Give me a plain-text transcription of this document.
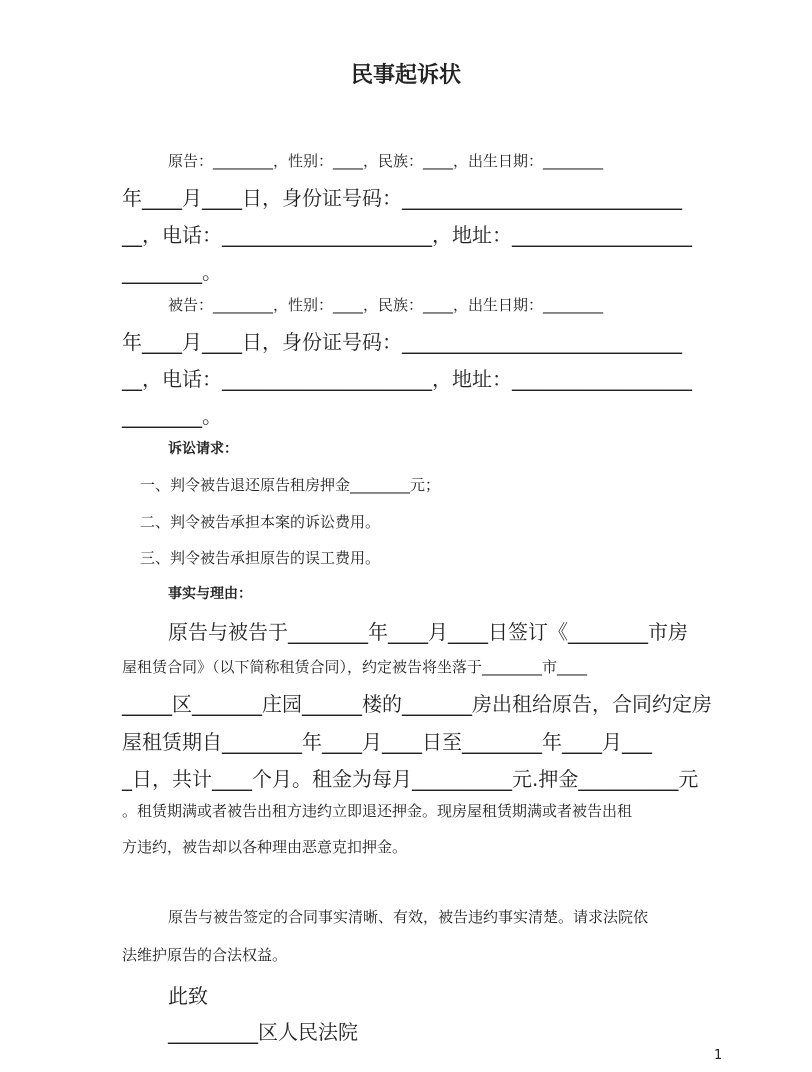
民事起诉状
原告：________，性别：____，民族：____，出生日期：________
年____月____日，身份证号码：____________________________
__，电话：_____________________，地址：__________________
________。
被告：________，性别：____，民族：____，出生日期：________
年____月____日，身份证号码：____________________________
__，电话：_____________________，地址：__________________
________。
诉讼请求：
一、判令被告退还原告租房押金________元；
二、判令被告承担本案的诉讼费用。
三、判令被告承担原告的误工费用。
事实与理由：
原告与被告于________年____月____日签订《________市房
屋租赁合同》（以下简称租赁合同），约定被告将坐落于________市____
_____区_______庄园______楼的_______房出租给原告，合同约定房
屋租赁期自________年____月____日至________年____月___
_日，共计____个月。租金为每月__________元.押金__________元
。租赁期满或者被告出租方违约立即退还押金。现房屋租赁期满或者被告出租
方违约，被告却以各种理由恶意克扣押金。
原告与被告签定的合同事实清晰、有效，被告违约事实清楚。请求法院依
法维护原告的合法权益。
此致
_________区人民法院
1
